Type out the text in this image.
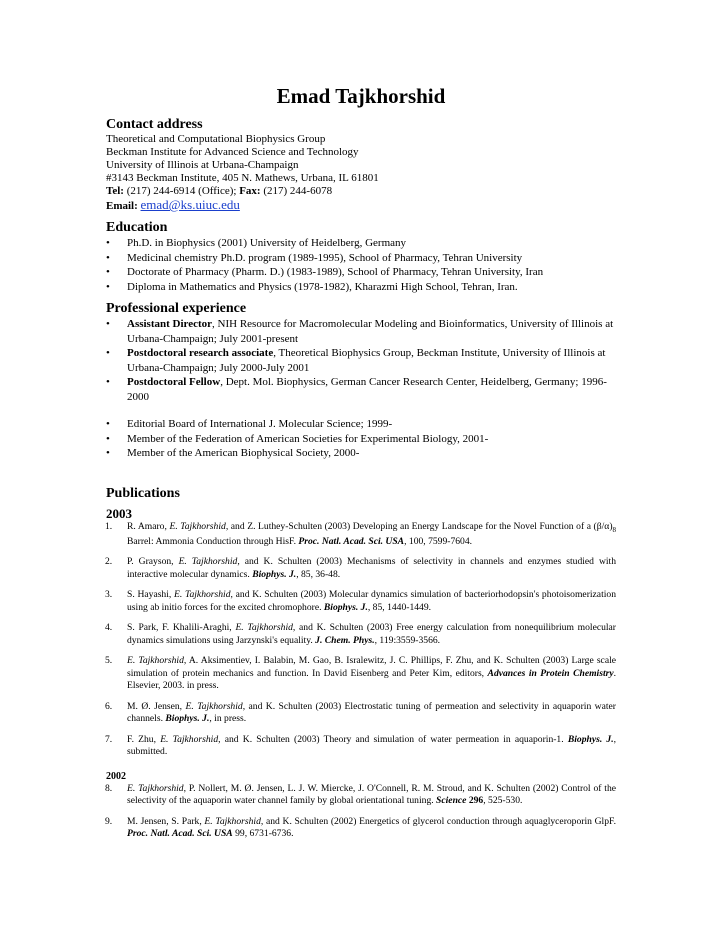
Emad Tajkhorshid
Contact address
Theoretical and Computational Biophysics Group
Beckman Institute for Advanced Science and Technology
University of Illinois at Urbana-Champaign
#3143 Beckman Institute, 405 N. Mathews, Urbana, IL 61801
Tel: (217) 244-6914 (Office); Fax: (217) 244-6078
Email: emad@ks.uiuc.edu
Education
• Ph.D. in Biophysics (2001) University of Heidelberg, Germany
• Medicinal chemistry Ph.D. program (1989-1995), School of Pharmacy, Tehran University
• Doctorate of Pharmacy (Pharm. D.) (1983-1989), School of Pharmacy, Tehran University, Iran
• Diploma in Mathematics and Physics (1978-1982), Kharazmi High School, Tehran, Iran.
Professional experience
• Assistant Director, NIH Resource for Macromolecular Modeling and Bioinformatics, University of Illinois at Urbana-Champaign; July 2001-present
• Postdoctoral research associate, Theoretical Biophysics Group, Beckman Institute, University of Illinois at Urbana-Champaign; July 2000-July 2001
• Postdoctoral Fellow, Dept. Mol. Biophysics, German Cancer Research Center, Heidelberg, Germany; 1996-2000
• Editorial Board of International J. Molecular Science; 1999-
• Member of the Federation of American Societies for Experimental Biology, 2001-
• Member of the American Biophysical Society, 2000-
Publications
2003
1. R. Amaro, E. Tajkhorshid, and Z. Luthey-Schulten (2003) Developing an Energy Landscape for the Novel Function of a $(\beta/\alpha)_8$ Barrel: Ammonia Conduction through HisF. Proc. Natl. Acad. Sci. USA, 100, 7599-7604.
2. P. Grayson, E. Tajkhorshid, and K. Schulten (2003) Mechanisms of selectivity in channels and enzymes studied with interactive molecular dynamics. Biophys. J., 85, 36-48.
3. S. Hayashi, E. Tajkhorshid, and K. Schulten (2003) Molecular dynamics simulation of bacteriorhodopsin's photoisomerization using ab initio forces for the excited chromophore. Biophys. J., 85, 1440-1449.
4. S. Park, F. Khalili-Araghi, E. Tajkhorshid, and K. Schulten (2003) Free energy calculation from nonequilibrium molecular dynamics simulations using Jarzynski's equality. J. Chem. Phys., 119:3559-3566.
5. E. Tajkhorshid, A. Aksimentiev, I. Balabin, M. Gao, B. Isralewitz, J. C. Phillips, F. Zhu, and K. Schulten (2003) Large scale simulation of protein mechanics and function. In David Eisenberg and Peter Kim, editors, Advances in Protein Chemistry. Elsevier, 2003. in press.
6. M. Ø. Jensen, E. Tajkhorshid, and K. Schulten (2003) Electrostatic tuning of permeation and selectivity in aquaporin water channels. Biophys. J., in press.
7. F. Zhu, E. Tajkhorshid, and K. Schulten (2003) Theory and simulation of water permeation in aquaporin-1. Biophys. J., submitted.
2002
8. E. Tajkhorshid, P. Nollert, M. Ø. Jensen, L. J. W. Miercke, J. O'Connell, R. M. Stroud, and K. Schulten (2002) Control of the selectivity of the aquaporin water channel family by global orientational tuning. Science 296, 525-530.
9. M. Jensen, S. Park, E. Tajkhorshid, and K. Schulten (2002) Energetics of glycerol conduction through aquaglyceroporin GlpF. Proc. Natl. Acad. Sci. USA 99, 6731-6736.
